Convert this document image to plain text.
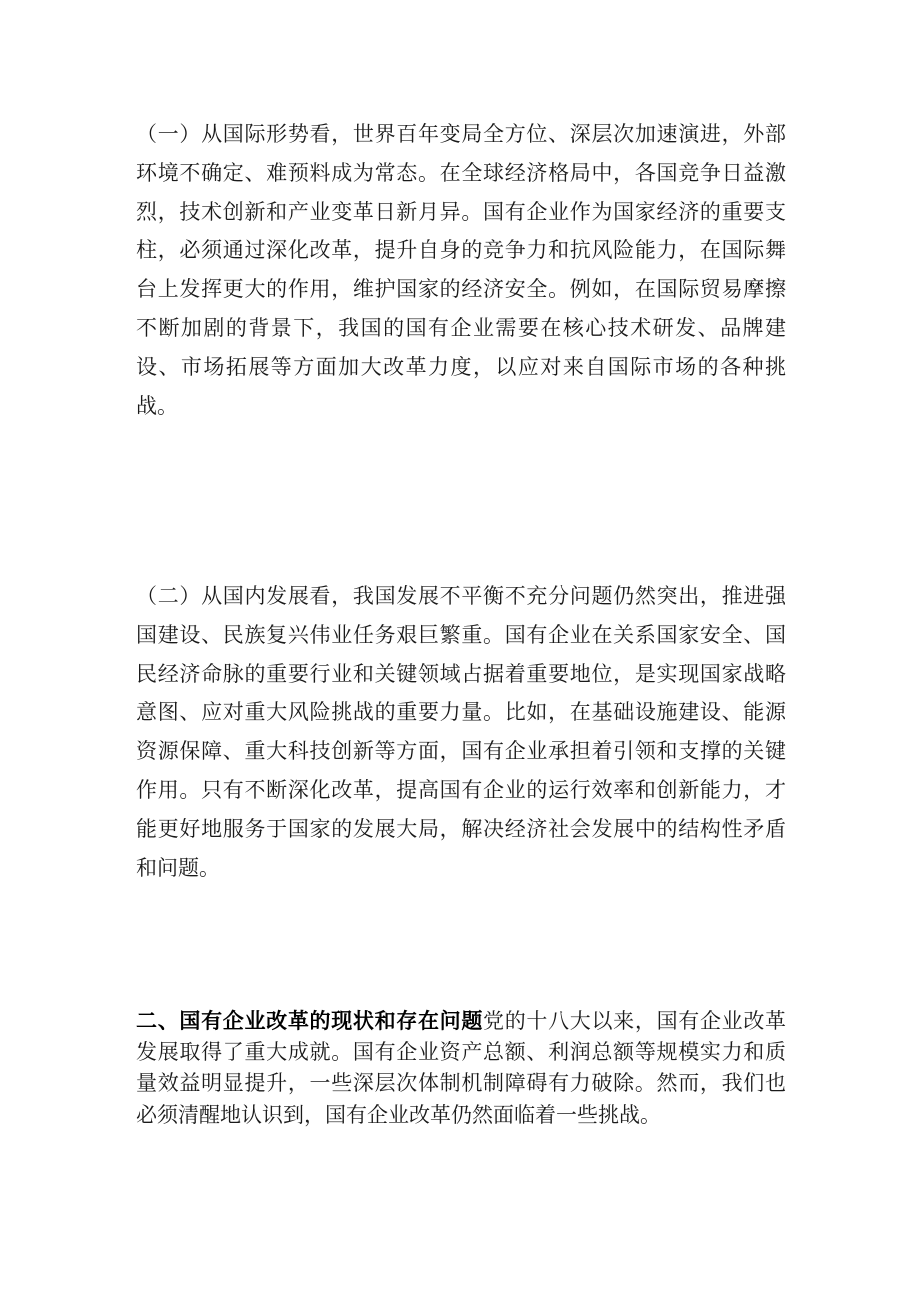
（一）从国际形势看，世界百年变局全方位、深层次加速演进，外部环境不确定、难预料成为常态。在全球经济格局中，各国竞争日益激烈，技术创新和产业变革日新月异。国有企业作为国家经济的重要支柱，必须通过深化改革，提升自身的竞争力和抗风险能力，在国际舞台上发挥更大的作用，维护国家的经济安全。例如，在国际贸易摩擦不断加剧的背景下，我国的国有企业需要在核心技术研发、品牌建设、市场拓展等方面加大改革力度，以应对来自国际市场的各种挑战。

（二）从国内发展看，我国发展不平衡不充分问题仍然突出，推进强国建设、民族复兴伟业任务艰巨繁重。国有企业在关系国家安全、国民经济命脉的重要行业和关键领域占据着重要地位，是实现国家战略意图、应对重大风险挑战的重要力量。比如，在基础设施建设、能源资源保障、重大科技创新等方面，国有企业承担着引领和支撑的关键作用。只有不断深化改革，提高国有企业的运行效率和创新能力，才能更好地服务于国家的发展大局，解决经济社会发展中的结构性矛盾和问题。

二、国有企业改革的现状和存在问题党的十八大以来，国有企业改革发展取得了重大成就。国有企业资产总额、利润总额等规模实力和质量效益明显提升，一些深层次体制机制障碍有力破除。然而，我们也必须清醒地认识到，国有企业改革仍然面临着一些挑战。
